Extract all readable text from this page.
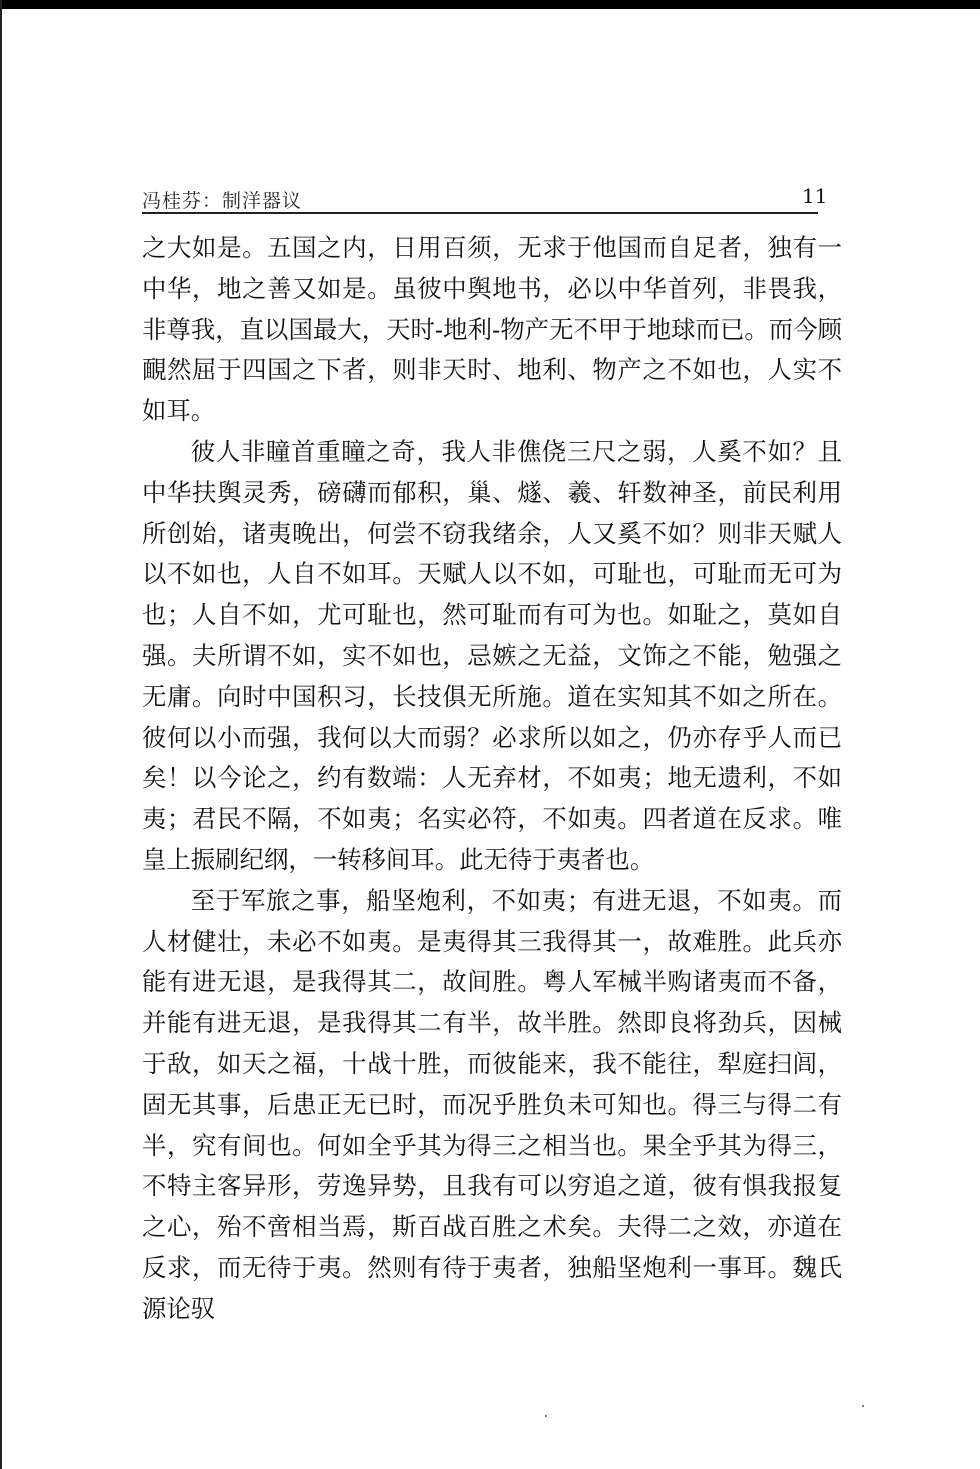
冯桂芬：制洋器议	11

之大如是。五国之内，日用百须，无求于他国而自足者，独有一中华，地之善又如是。虽彼中舆地书，必以中华首列，非畏我，非尊我，直以国最大，天时-地利-物产无不甲于地球而已。而今顾靦然屈于四国之下者，则非天时、地利、物产之不如也，人实不如耳。

彼人非瞳首重瞳之奇，我人非僬侥三尺之弱，人奚不如？且中华扶舆灵秀，磅礴而郁积，巢、燧、羲、轩数神圣，前民利用所创始，诸夷晚出，何尝不窃我绪余，人又奚不如？则非天赋人以不如也，人自不如耳。天赋人以不如，可耻也，可耻而无可为也；人自不如，尤可耻也，然可耻而有可为也。如耻之，莫如自强。夫所谓不如，实不如也，忌嫉之无益，文饰之不能，勉强之无庸。向时中国积习，长技俱无所施。道在实知其不如之所在。彼何以小而强，我何以大而弱？必求所以如之，仍亦存乎人而已矣！以今论之，约有数端：人无弃材，不如夷；地无遗利，不如夷；君民不隔，不如夷；名实必符，不如夷。四者道在反求。唯皇上振刷纪纲，一转移间耳。此无待于夷者也。

至于军旅之事，船坚炮利，不如夷；有进无退，不如夷。而人材健壮，未必不如夷。是夷得其三我得其一，故难胜。此兵亦能有进无退，是我得其二，故间胜。粤人军械半购诸夷而不备，并能有进无退，是我得其二有半，故半胜。然即良将劲兵，因械于敌，如天之福，十战十胜，而彼能来，我不能往，犁庭扫闾，固无其事，后患正无已时，而况乎胜负未可知也。得三与得二有半，究有间也。何如全乎其为得三之相当也。果全乎其为得三，不特主客异形，劳逸异势，且我有可以穷追之道，彼有惧我报复之心，殆不啻相当焉，斯百战百胜之术矣。夫得二之效，亦道在反求，而无待于夷。然则有待于夷者，独船坚炮利一事耳。魏氏源论驭
